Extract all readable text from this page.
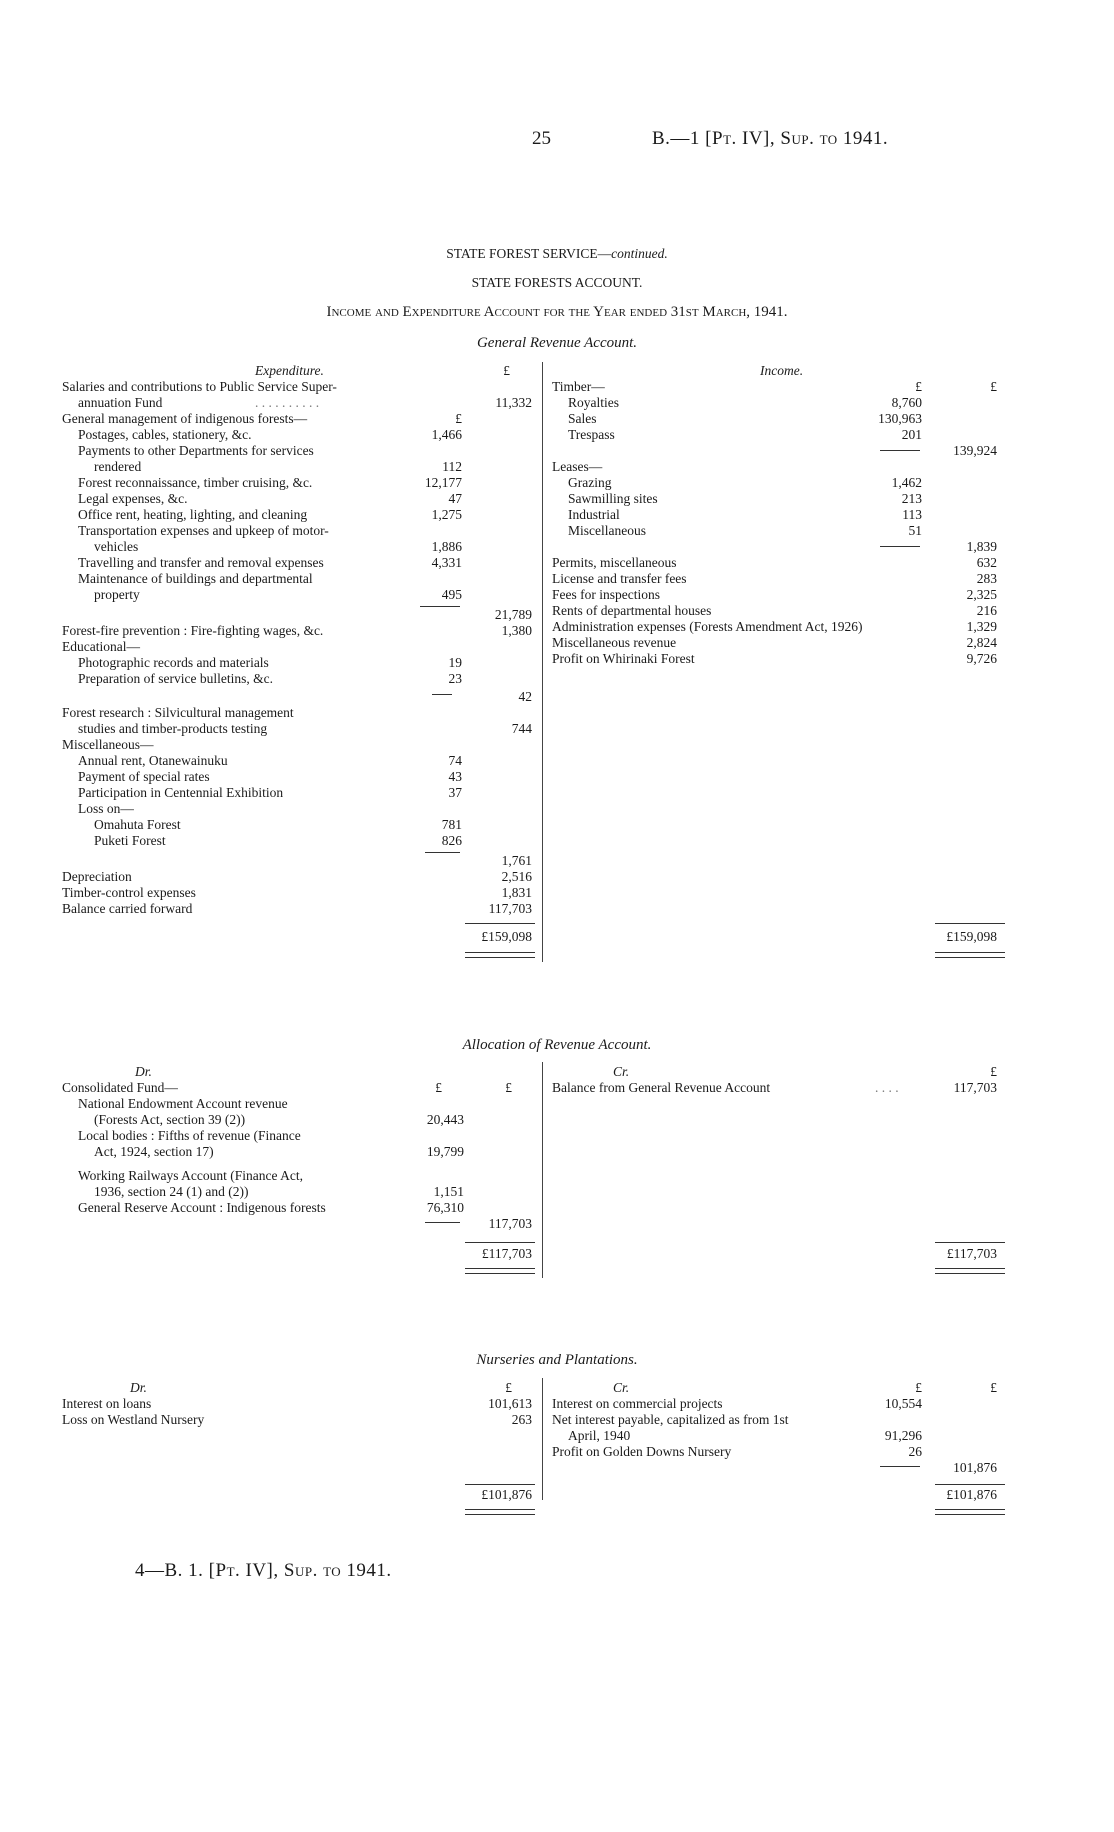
25	B.—1 [Pt. IV], Sup. to 1941.
STATE FOREST SERVICE—continued.
STATE FORESTS ACCOUNT.
Income and Expenditure Account for the Year ended 31st March, 1941.
General Revenue Account.
Expenditure.	£
Salaries and contributions to Public Service Super-
annuation Fund	. . . . . . . . . .	11,332
General management of indigenous forests—	£
Postages, cables, stationery, &c.	1,466
Payments to other Departments for services
rendered	112
Forest reconnaissance, timber cruising, &c.	12,177
Legal expenses, &c.	47
Office rent, heating, lighting, and cleaning	1,275
Transportation expenses and upkeep of motor-
vehicles	1,886
Travelling and transfer and removal expenses	4,331
Maintenance of buildings and departmental
property	495
21,789
Forest-fire prevention : Fire-fighting wages, &c.	1,380
Educational—
Photographic records and materials	19
Preparation of service bulletins, &c.	23
42
Forest research : Silvicultural management
studies and timber-products testing	744
Miscellaneous—
Annual rent, Otanewainuku	74
Payment of special rates	43
Participation in Centennial Exhibition	37
Loss on—
Omahuta Forest	781
Puketi Forest	826
1,761
Depreciation	2,516
Timber-control expenses	1,831
Balance carried forward	117,703
£159,098
Income.
£	£
Timber—
Royalties	8,760
Sales	130,963
Trespass	201
139,924
Leases—
Grazing	1,462
Sawmilling sites	213
Industrial	113
Miscellaneous	51
1,839
Permits, miscellaneous	632
License and transfer fees	283
Fees for inspections	2,325
Rents of departmental houses	216
Administration expenses (Forests Amendment Act, 1926)	1,329
Miscellaneous revenue	2,824
Profit on Whirinaki Forest	9,726
£159,098
Allocation of Revenue Account.
Dr.
£	£
Consolidated Fund—
National Endowment Account revenue
(Forests Act, section 39 (2))	20,443
Local bodies : Fifths of revenue (Finance
Act, 1924, section 17)	19,799
Working Railways Account (Finance Act,
1936, section 24 (1) and (2))	1,151
General Reserve Account : Indigenous forests	76,310
117,703
£117,703
Cr.	£
Balance from General Revenue Account	. . . .	117,703
£117,703
Nurseries and Plantations.
Dr.	£
Interest on loans	101,613
Loss on Westland Nursery	263
£101,876
Cr.	£	£
Interest on commercial projects	10,554
Net interest payable, capitalized as from 1st
April, 1940	91,296
Profit on Golden Downs Nursery	26
101,876
£101,876
4—B. 1. [Pt. IV], Sup. to 1941.
